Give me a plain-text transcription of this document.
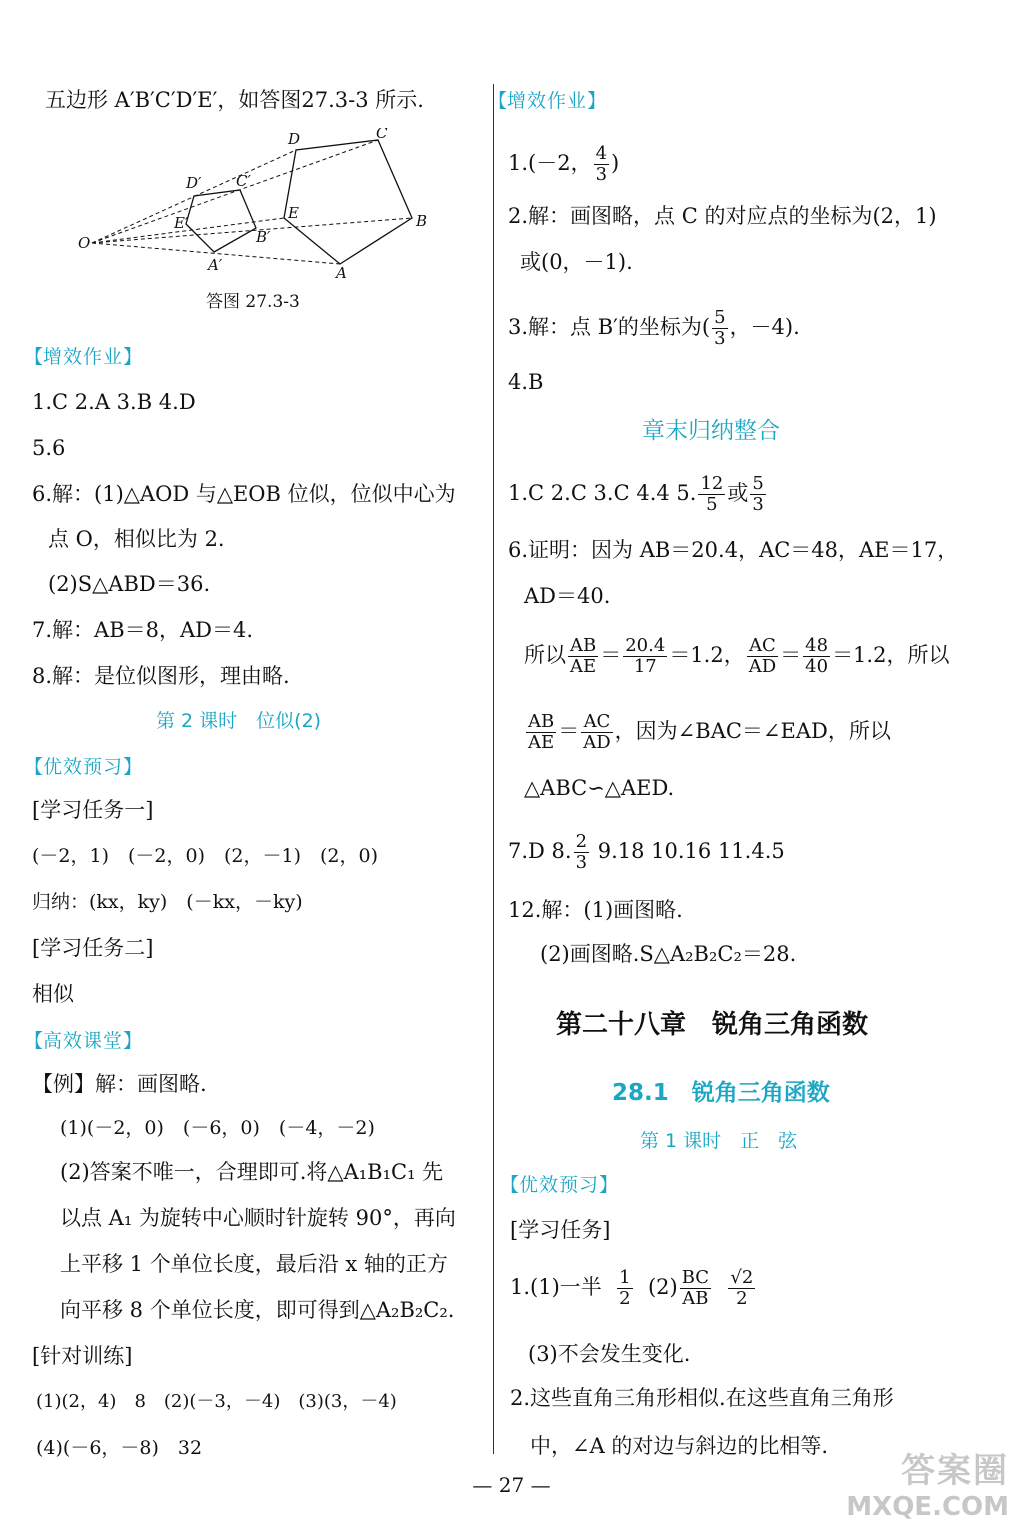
五边形 A′B′C′D′E′，如答图27.3-3 所示.
O
A′
B′
C′
D′
E′
A
B
C
D
E
答图 27.3-3
【 增效作业 】
1.C 2.A 3.B 4.D
5.6
6.解：(1)△AOD 与△EOB 位似，位似中心为
点 O，相似比为 2.
(2)S△ABD＝36.
7.解：AB＝8，AD＝4.
8.解：是位似图形，理由略.
第 2 课时　位似(2)
【 优效预习 】
[学习任务一]
(－2，1)　(－2，0)　(2，－1)　(2，0)
归纳：(kx，ky)　(－kx，－ky)
[学习任务二]
相似
【 高效课堂 】
【例】解：画图略.
(1)(－2，0)　(－6，0)　(－4，－2)
(2)答案不唯一，合理即可.将△A₁B₁C₁ 先
以点 A₁ 为旋转中心顺时针旋转 90°，再向
上平移 1 个单位长度，最后沿 x 轴的正方
向平移 8 个单位长度，即可得到△A₂B₂C₂.
[针对训练]
(1)(2，4)　8　(2)(－3，－4)　(3)(3，－4)
(4)(－6，－8)　32
【 增效作业 】
1.(－2， $\frac{4}{3}$ )
2.解：画图略，点 C 的对应点的坐标为(2，1)
或(0，－1).
3.解：点 B′的坐标为( $\frac{5}{3}$ ，－4).
4.B
章末归纳整合
1.C 2.C 3.C 4.4 5. $\frac{12}{5}$ 或 $\frac{5}{3}$
6.证明：因为 AB＝20.4，AC＝48，AE＝17，
AD＝40.
所以 $\frac{AB}{AE} = \frac{20.4}{17} =1.2$， $\frac{AC}{AD} = \frac{48}{40} =1.2$，所以
$\frac{AB}{AE} = \frac{AC}{AD}$ ，因为∠BAC＝∠EAD，所以
△ABC∽△AED.
7.D 8. $\frac{2}{3} 9.18$ 10.16 11.4.5
12.解：(1)画图略.
(2)画图略.S△A₂B₂C₂＝28.
第二十八章　锐角三角函数
28.1　锐角三角函数
第 1 课时　正　弦
【 优效预习 】
[学习任务]
1.(1)一半 $\frac{1}{2} (2) \frac{BC}{AB}$
$\frac{√2}{2}$
(3)不会发生变化.
2.这些直角三角形相似.在这些直角三角形
中，∠A 的对边与斜边的比相等.
— 27 —	答案圈
MXQE.COM
